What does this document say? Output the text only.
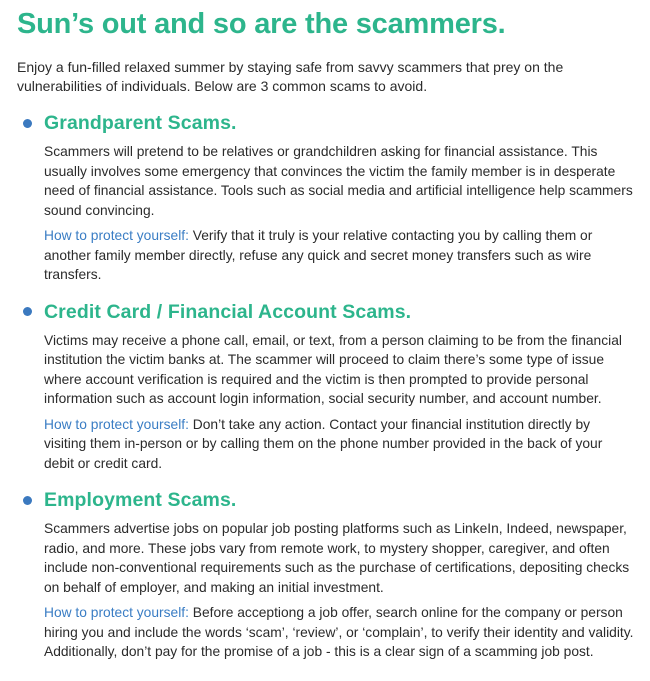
Sun’s out and so are the scammers.

Enjoy a fun-filled relaxed summer by staying safe from savvy scammers that prey on the vulnerabilities of individuals. Below are 3 common scams to avoid.

Grandparent Scams.

Scammers will pretend to be relatives or grandchildren asking for financial assistance. This usually involves some emergency that convinces the victim the family member is in desperate need of financial assistance. Tools such as social media and artificial intelligence help scammers sound convincing.

How to protect yourself: Verify that it truly is your relative contacting you by calling them or another family member directly, refuse any quick and secret money transfers such as wire transfers.

Credit Card / Financial Account Scams.

Victims may receive a phone call, email, or text, from a person claiming to be from the financial institution the victim banks at. The scammer will proceed to claim there’s some type of issue where account verification is required and the victim is then prompted to provide personal information such as account login information, social security number, and account number.

How to protect yourself: Don’t take any action. Contact your financial institution directly by visiting them in-person or by calling them on the phone number provided in the back of your debit or credit card.

Employment Scams.

Scammers advertise jobs on popular job posting platforms such as LinkeIn, Indeed, newspaper, radio, and more. These jobs vary from remote work, to mystery shopper, caregiver, and often include non-conventional requirements such as the purchase of certifications, depositing checks on behalf of employer, and making an initial investment.

How to protect yourself: Before acceptiong a job offer, search online for the company or person hiring you and include the words ‘scam’, ‘review’, or ‘complain’, to verify their identity and validity. Additionally, don’t pay for the promise of a job - this is a clear sign of a scamming job post.
